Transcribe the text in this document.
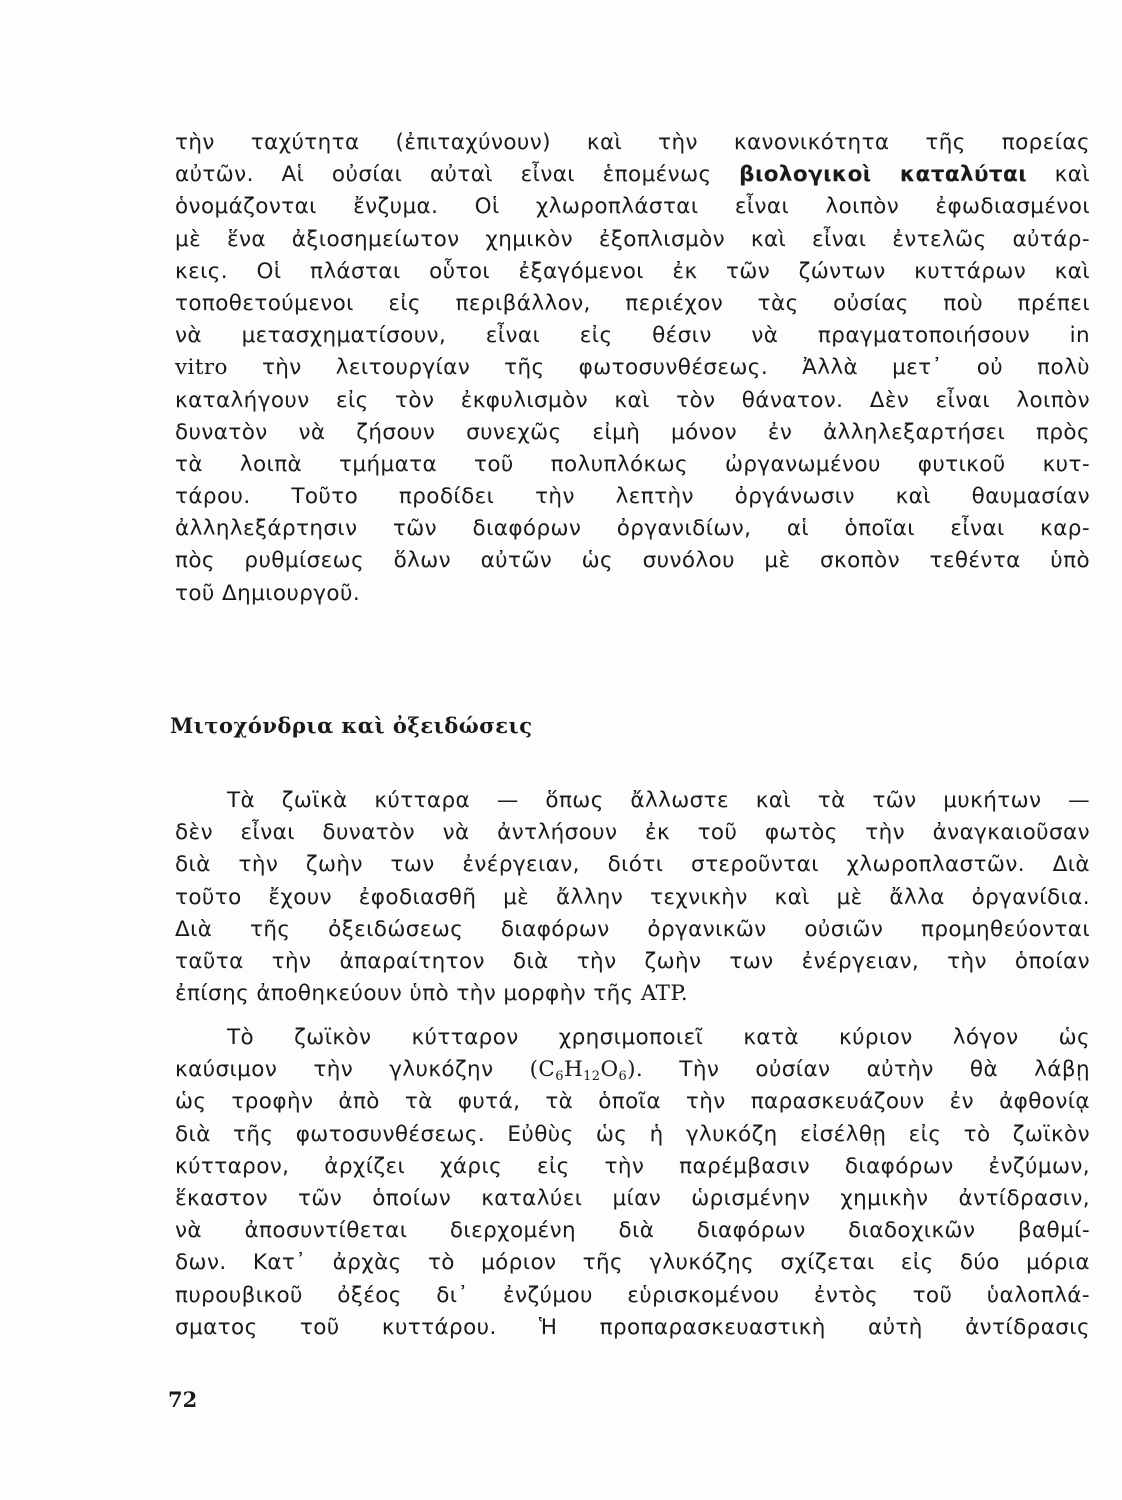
τὴν ταχύτητα (ἐπιταχύνουν) καὶ τὴν κανονικότητα τῆς πορείας
αὐτῶν. Αἱ οὐσίαι αὐταὶ εἶναι ἑπομένως βιολογικοὶ καταλύται καὶ
ὁνομάζονται ἔνζυμα. Οἱ χλωροπλάσται εἶναι λοιπὸν ἐφωδιασμένοι
μὲ ἕνα ἀξιοσημείωτον χημικὸν ἐξοπλισμὸν καὶ εἶναι ἐντελῶς αὐτάρ-
κεις. Οἱ πλάσται οὗτοι ἐξαγόμενοι ἐκ τῶν ζώντων κυττάρων καὶ
τοποθετούμενοι εἰς περιβάλλον, περιέχον τὰς οὐσίας ποὺ πρέπει
νὰ μετασχηματίσουν, εἶναι εἰς θέσιν νὰ πραγματοποιήσουν in
vitro τὴν λειτουργίαν τῆς φωτοσυνθέσεως. Ἀλλὰ μετ᾽ οὐ πολὺ
καταλήγουν εἰς τὸν ἐκφυλισμὸν καὶ τὸν θάνατον. Δὲν εἶναι λοιπὸν
δυνατὸν νὰ ζήσουν συνεχῶς εἰμὴ μόνον ἐν ἀλληλεξαρτήσει πρὸς
τὰ λοιπὰ τμήματα τοῦ πολυπλόκως ὠργανωμένου φυτικοῦ κυτ-
τάρου. Τοῦτο προδίδει τὴν λεπτὴν ὀργάνωσιν καὶ θαυμασίαν
ἀλληλεξάρτησιν τῶν διαφόρων ὀργανιδίων, αἱ ὁποῖαι εἶναι καρ-
πὸς ρυθμίσεως ὅλων αὐτῶν ὡς συνόλου μὲ σκοπὸν τεθέντα ὑπὸ
τοῦ Δημιουργοῦ.
Μιτοχόνδρια καὶ ὀξειδώσεις
Τὰ ζωϊκὰ κύτταρα — ὅπως ἄλλωστε καὶ τὰ τῶν μυκήτων —
δὲν εἶναι δυνατὸν νὰ ἀντλήσουν ἐκ τοῦ φωτὸς τὴν ἀναγκαιοῦσαν
διὰ τὴν ζωὴν των ἐνέργειαν, διότι στεροῦνται χλωροπλαστῶν. Διὰ
τοῦτο ἔχουν ἐφοδιασθῆ μὲ ἄλλην τεχνικὴν καὶ μὲ ἄλλα ὀργανίδια.
Διὰ τῆς ὀξειδώσεως διαφόρων ὀργανικῶν οὐσιῶν προμηθεύονται
ταῦτα τὴν ἀπαραίτητον διὰ τὴν ζωὴν των ἐνέργειαν, τὴν ὁποίαν
ἐπίσης ἀποθηκεύουν ὑπὸ τὴν μορφὴν τῆς ATP.
Τὸ ζωϊκὸν κύτταρον χρησιμοποιεῖ κατὰ κύριον λόγον ὡς
καύσιμον τὴν γλυκόζην $(C_6H_{12}O_6)$. Τὴν οὐσίαν αὐτὴν θὰ λάβῃ
ὡς τροφὴν ἀπὸ τὰ φυτά, τὰ ὁποῖα τὴν παρασκευάζουν ἐν ἀφθονίᾳ
διὰ τῆς φωτοσυνθέσεως. Εὐθὺς ὡς ἡ γλυκόζη εἰσέλθῃ εἰς τὸ ζωϊκὸν
κύτταρον, ἀρχίζει χάρις εἰς τὴν παρέμβασιν διαφόρων ἐνζύμων,
ἕκαστον τῶν ὁποίων καταλύει μίαν ὡρισμένην χημικὴν ἀντίδρασιν,
νὰ ἀποσυντίθεται διερχομένη διὰ διαφόρων διαδοχικῶν βαθμί-
δων. Κατ᾽ ἀρχὰς τὸ μόριον τῆς γλυκόζης σχίζεται εἰς δύο μόρια
πυρουβικοῦ ὀξέος δι᾽ ἐνζύμου εὑρισκομένου ἐντὸς τοῦ ὑαλοπλά-
σματος τοῦ κυττάρου. Ἡ προπαρασκευαστικὴ αὐτὴ ἀντίδρασις
72
